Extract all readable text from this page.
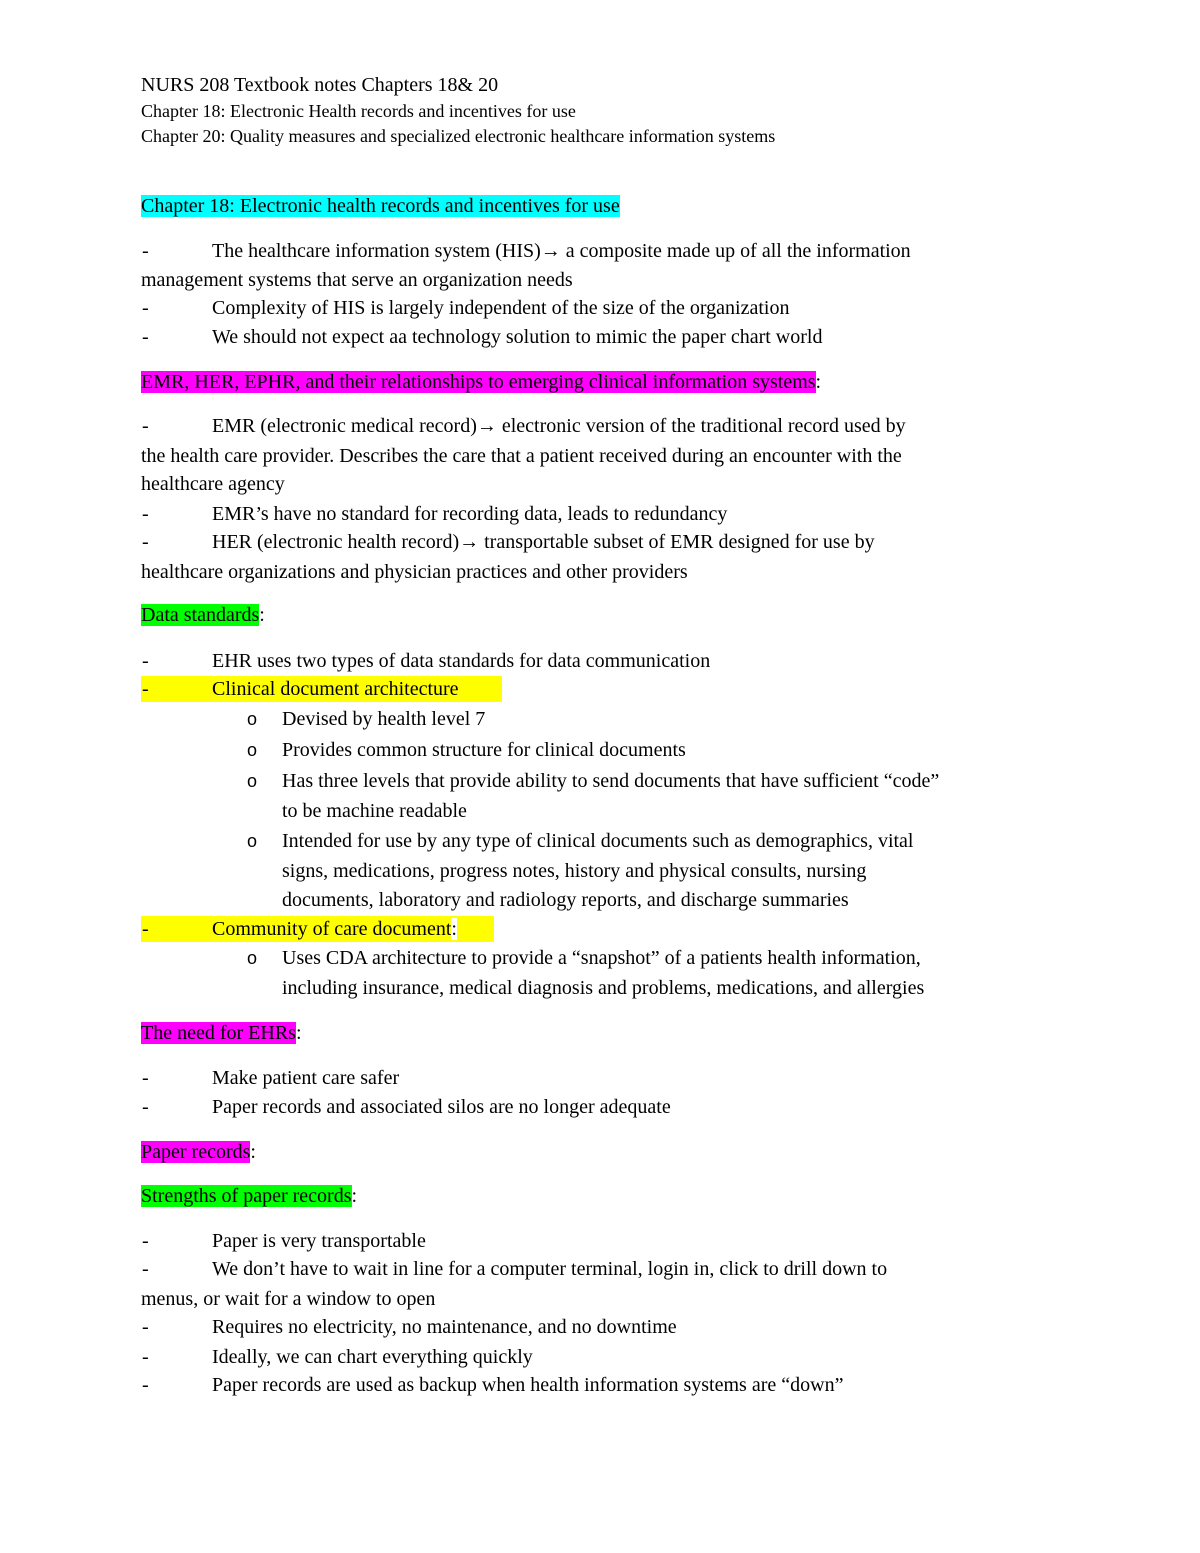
NURS 208 Textbook notes Chapters 18& 20
Chapter 18: Electronic Health records and incentives for use
Chapter 20: Quality measures and specialized electronic healthcare information systems
Chapter 18: Electronic health records and incentives for use
-	The healthcare information system (HIS)→ a composite made up of all the information
management systems that serve an organization needs
-	Complexity of HIS is largely independent of the size of the organization
-	We should not expect aa technology solution to mimic the paper chart world
EMR, HER, EPHR, and their relationships to emerging clinical information systems:
-	EMR (electronic medical record)→ electronic version of the traditional record used by
the health care provider. Describes the care that a patient received during an encounter with the
healthcare agency
-	EMR’s have no standard for recording data, leads to redundancy
-	HER (electronic health record)→ transportable subset of EMR designed for use by
healthcare organizations and physician practices and other providers
Data standards:
-	EHR uses two types of data standards for data communication
-	Clinical document architecture
o Devised by health level 7
o Provides common structure for clinical documents
o Has three levels that provide ability to send documents that have sufficient “code”
to be machine readable
o Intended for use by any type of clinical documents such as demographics, vital
signs, medications, progress notes, history and physical consults, nursing
documents, laboratory and radiology reports, and discharge summaries
-	Community of care document:
o Uses CDA architecture to provide a “snapshot” of a patients health information,
including insurance, medical diagnosis and problems, medications, and allergies
The need for EHRs:
-	Make patient care safer
-	Paper records and associated silos are no longer adequate
Paper records:
Strengths of paper records:
-	Paper is very transportable
-	We don’t have to wait in line for a computer terminal, login in, click to drill down to
menus, or wait for a window to open
-	Requires no electricity, no maintenance, and no downtime
-	Ideally, we can chart everything quickly
-	Paper records are used as backup when health information systems are “down”
